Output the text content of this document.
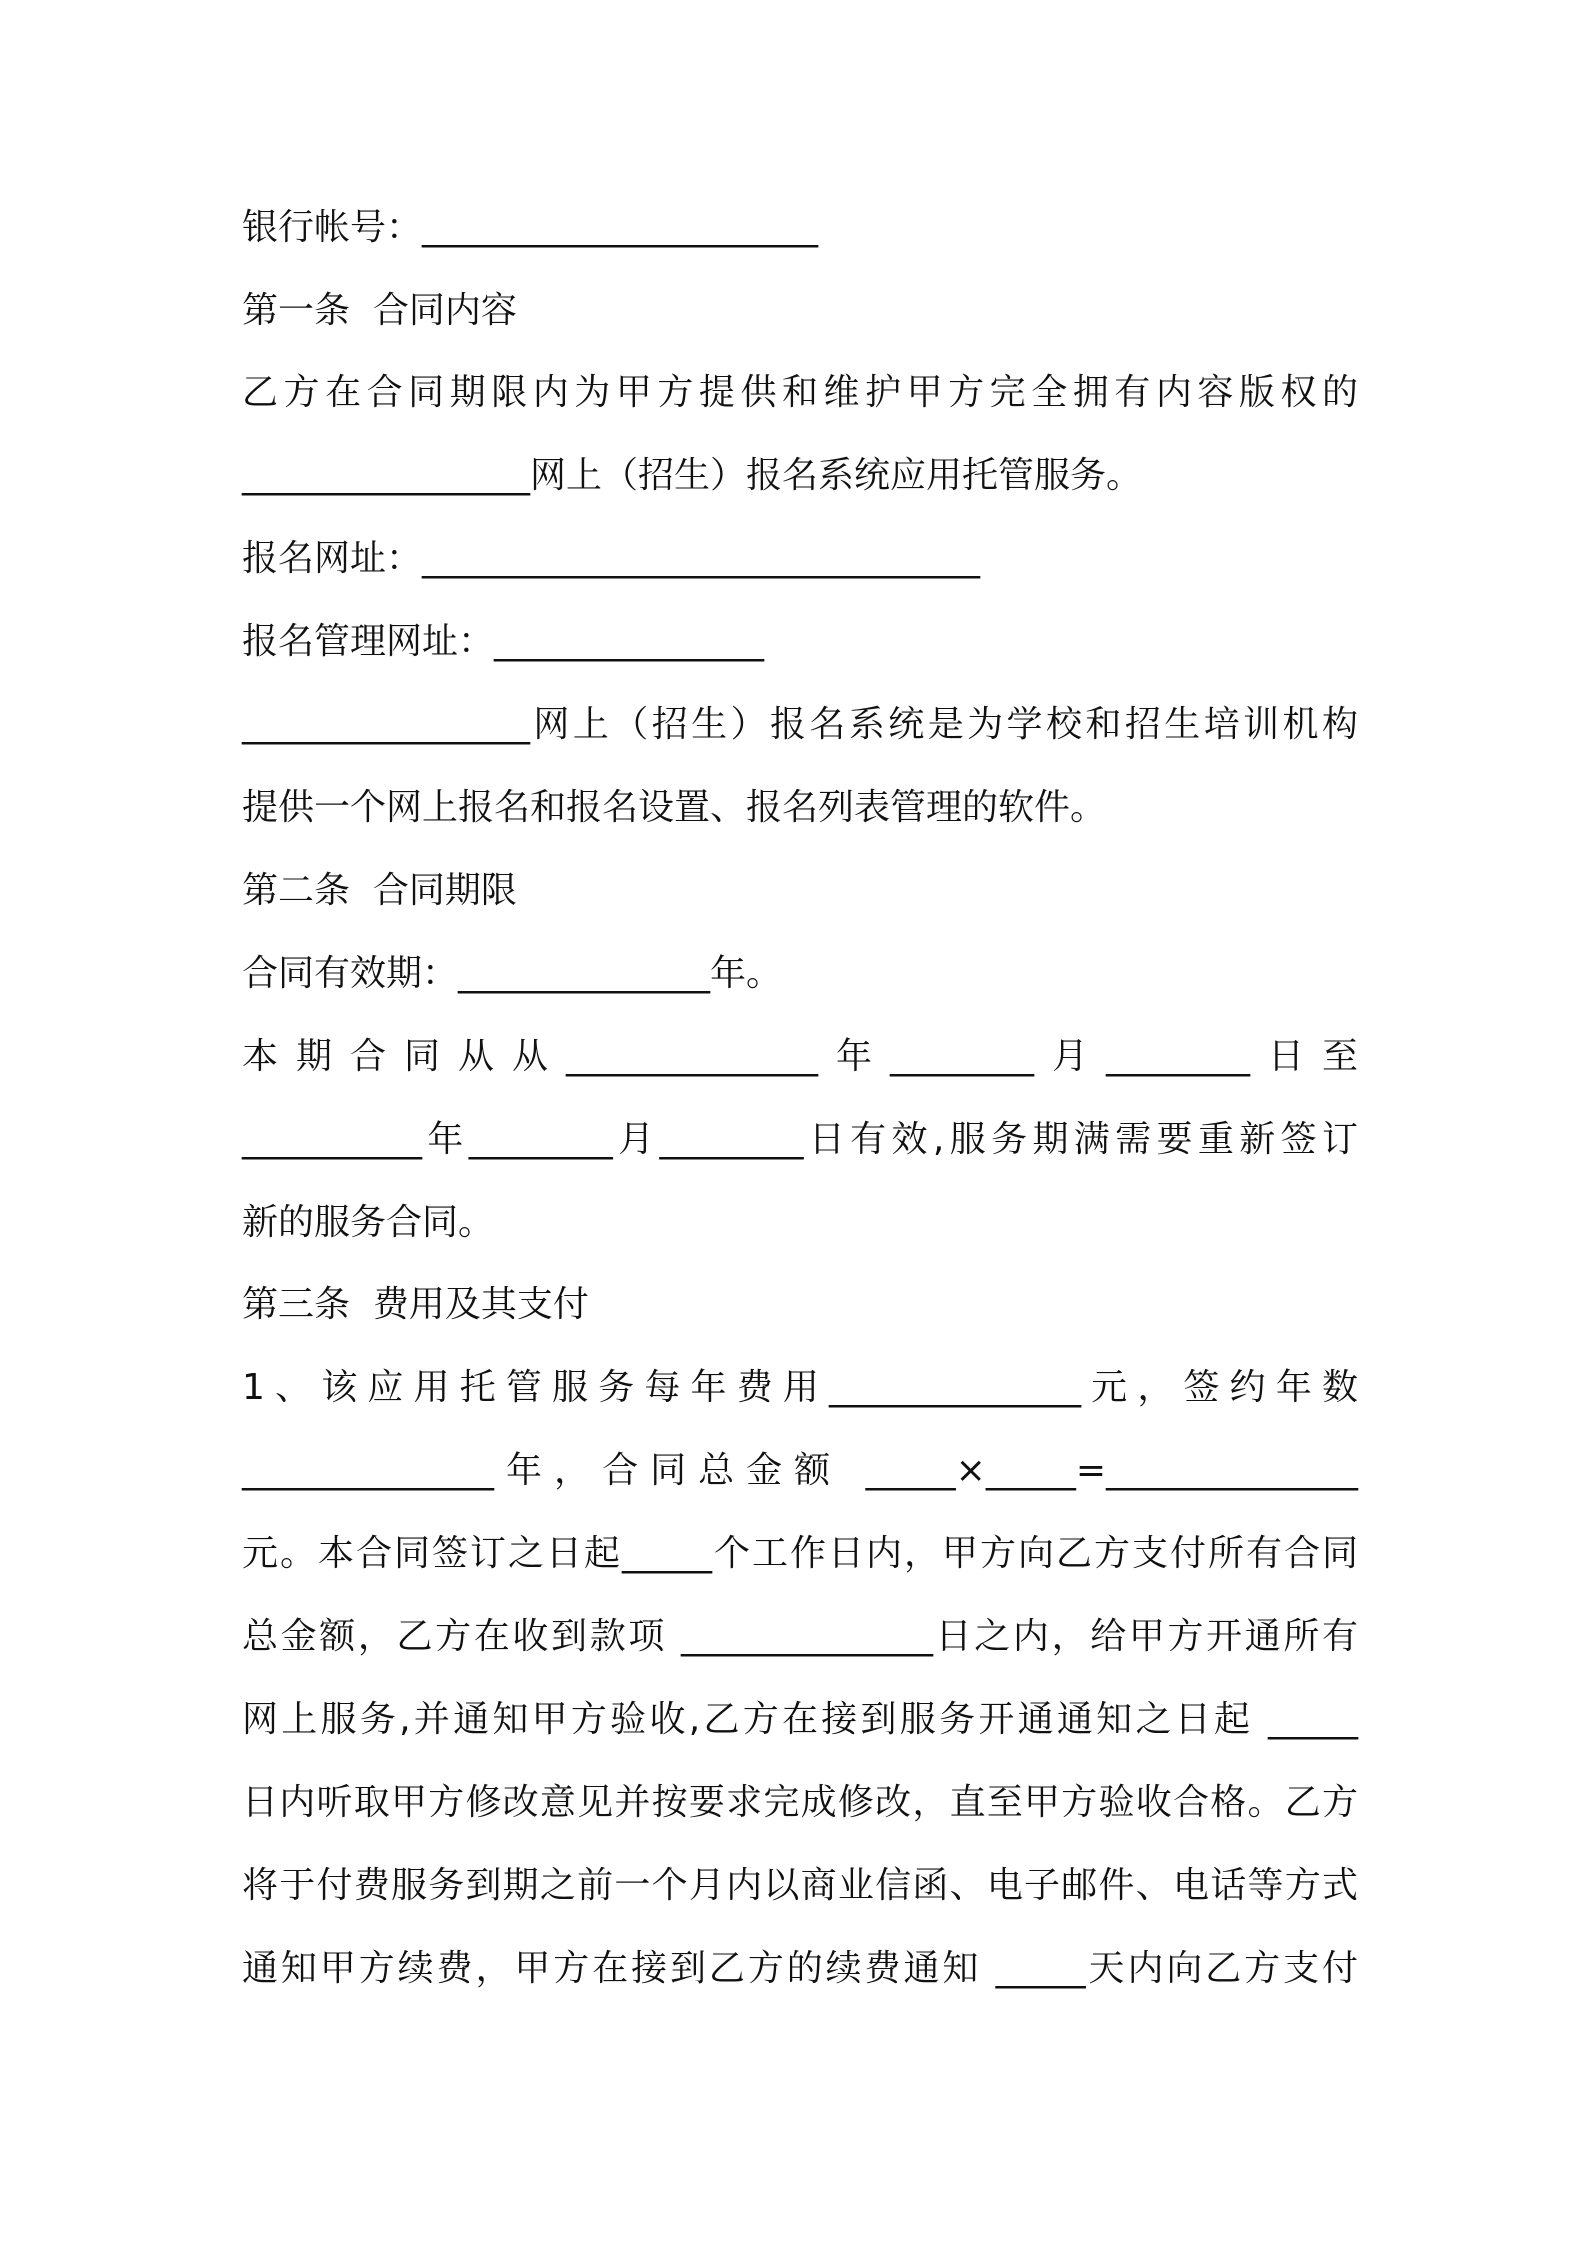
银行帐号：______________________
第一条  合同内容
乙方在合同期限内为甲方提供和维护甲方完全拥有内容版权的
________________网上（招生）报名系统应用托管服务。
报名网址：_______________________________
报名管理网址：_______________
________________网上（招生）报名系统是为学校和招生培训机构
提供一个网上报名和报名设置、报名列表管理的软件。
第二条  合同期限
合同有效期：______________年。
本期合同从从______________年________月________日至
__________年________月________日有效,服务期满需要重新签订
新的服务合同。
第三条  费用及其支付
1、该应用托管服务每年费用______________元，签约年数
______________年，合同总金额 _____×_____=______________
元。本合同签订之日起_____个工作日内，甲方向乙方支付所有合同
总金额，乙方在收到款项 ______________日之内，给甲方开通所有
网上服务,并通知甲方验收,乙方在接到服务开通通知之日起 _____
日内听取甲方修改意见并按要求完成修改，直至甲方验收合格。乙方
将于付费服务到期之前一个月内以商业信函、电子邮件、电话等方式
通知甲方续费，甲方在接到乙方的续费通知 _____天内向乙方支付
